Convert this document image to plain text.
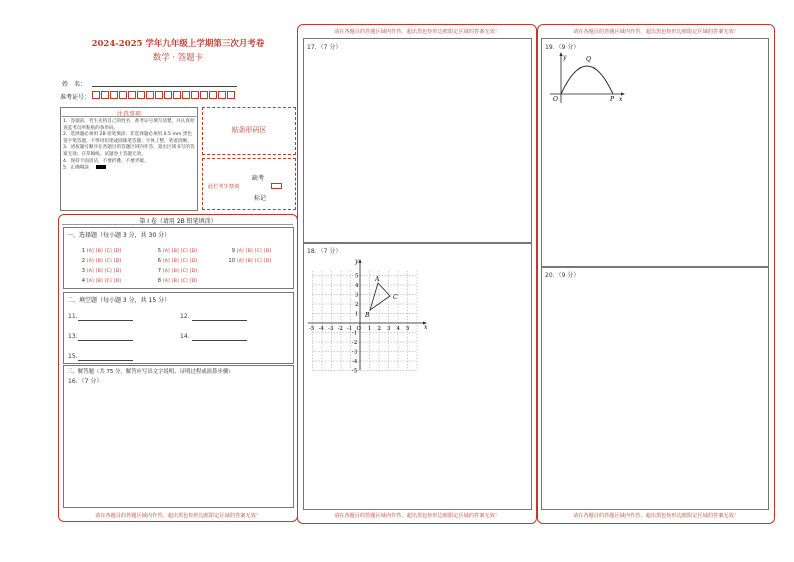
2024-2025 学年九年级上学期第三次月考卷
数学 · 答题卡
姓　名：
准考证号：
注意事项
1．答题前，考生先将自己的姓名，准考证号填写清楚，并认真检查监考员所粘贴的条形码。
2．选择题必须用 2B 铅笔填涂；非选择题必须用 0.5 mm 黑色签字笔答题，不得用铅笔或圆珠笔答题；字体工整，笔迹清晰。
3．请按题号顺序在各题目的答题区域内作答，超出区域书写的答案无效；在草稿纸、试题卷上答题无效。
4．保持卡面清洁，不要折叠、不要弄破。
5．正确填涂
贴条形码区
缺考
此栏考生禁填
标记
第 I 卷（请用 2B 铅笔填涂）
一、选择题（每小题 3 分，共 30 分）
1 [A] [B] [C] [D]
2 [A] [B] [C] [D]
3 [A] [B] [C] [D]
4 [A] [B] [C] [D]
5 [A] [B] [C] [D]
6 [A] [B] [C] [D]
7 [A] [B] [C] [D]
8 [A] [B] [C] [D]
9 [A] [B] [C] [D]
10 [A] [B] [C] [D]
二、填空题（每小题 3 分，共 15 分）
11.	12.
13.	14.
15.
三、解答题（共 75 分，解答应写出文字说明、证明过程或演算步骤）
16．（7 分）
请在各题目的答题区域内作答，超出黑色矩形边框限定区域的答案无效！
请在各题目的答题区域内作答，超出黑色矩形边框限定区域的答案无效！
17．（7 分）
18．（7 分）
x
y
-5 -4 -3 -2 -1 O 1 2 3 4 5
5
4
3
2
1
-1
-2
-3
-4
-5
A
B
C
请在各题目的答题区域内作答，超出黑色矩形边框限定区域的答案无效！
请在各题目的答题区域内作答，超出黑色矩形边框限定区域的答案无效！
19．（9 分）
y	Q
O	P x
20．（9 分）
请在各题目的答题区域内作答，超出黑色矩形边框限定区域的答案无效！
